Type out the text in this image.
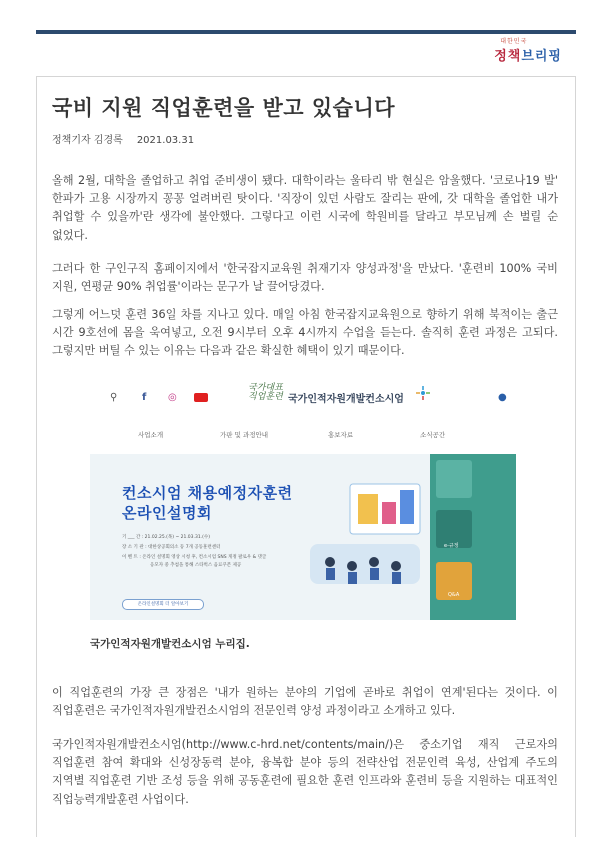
대한민국
정책브리핑
국비 지원 직업훈련을 받고 있습니다
정책기자 김경록 2021.03.31
올해 2월, 대학을 졸업하고 취업 준비생이 됐다. 대학이라는 울타리 밖 현실은 암울했다. '코로나19 발' 한파가 고용 시장까지 꽁꽁 얼려버린 탓이다. '직장이 있던 사람도 잘리는 판에, 갓 대학을 졸업한 내가 취업할 수 있을까'란 생각에 불안했다. 그렇다고 이런 시국에 학원비를 달라고 부모님께 손 벌릴 순 없었다.
그러다 한 구인구직 홈페이지에서 '한국잡지교육원 취재기자 양성과정'을 만났다. '훈련비 100% 국비 지원, 연평균 90% 취업률'이라는 문구가 날 끌어당겼다.
그렇게 어느덧 훈련 36일 차를 지나고 있다. 매일 아침 한국잡지교육원으로 향하기 위해 북적이는 출근 시간 9호선에 몸을 욱여넣고, 오전 9시부터 오후 4시까지 수업을 듣는다. 솔직히 훈련 과정은 고되다. 그렇지만 버틸 수 있는 이유는 다음과 같은 확실한 혜택이 있기 때문이다.
⚲ f ◎
국가대표
직업훈련 국가인적자원개발컨소시엄	●
사업소개	가판 및 과정안내	홍보자료	소식공간
컨소시엄 채용예정자훈련
온라인설명회
기 ___ 간 : 21.02.25.(목) ~ 21.03.31.(수)
장 소 기 관 : 대한상공회의소 등 7개 공동훈련센터
이 벤 트 : 온라인 설명회 영상 시청 후, 컨소시엄 SNS 게정 팔로우 & 댓글
응모자 중 추첨을 통해 스타벅스 음료쿠폰 제공
온라인설명회 더 알아보기
e-규정
Q&A
국가인적자원개발컨소시엄 누리집.
이 직업훈련의 가장 큰 장점은 '내가 원하는 분야의 기업에 곧바로 취업이 연계'된다는 것이다. 이 직업훈련은 국가인적자원개발컨소시엄의 전문인력 양성 과정이라고 소개하고 있다.
국가인적자원개발컨소시엄(http://www.c-hrd.net/contents/main/)은 중소기업 재직 근로자의 직업훈련 참여 확대와 신성장동력 분야, 융복합 분야 등의 전략산업 전문인력 육성, 산업계 주도의 지역별 직업훈련 기반 조성 등을 위해 공동훈련에 필요한 훈련 인프라와 훈련비 등을 지원하는 대표적인 직업능력개발훈련 사업이다.
